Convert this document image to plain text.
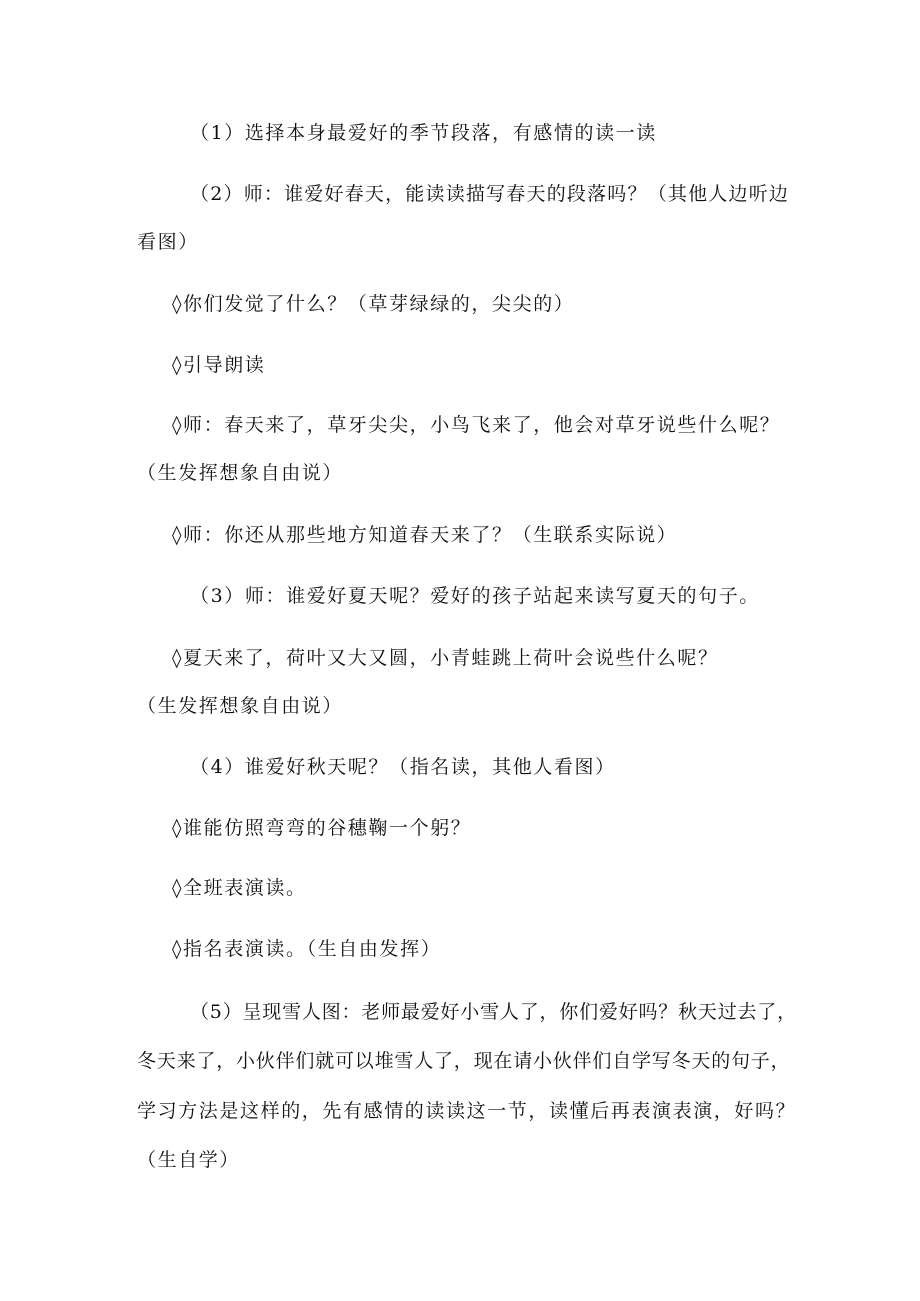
（1）选择本身最爱好的季节段落，有感情的读一读
（2）师：谁爱好春天，能读读描写春天的段落吗？（其他人边听边
看图）
◊你们发觉了什么？（草芽绿绿的，尖尖的）
◊引导朗读
◊师：春天来了，草牙尖尖，小鸟飞来了，他会对草牙说些什么呢？
（生发挥想象自由说）
◊师：你还从那些地方知道春天来了？（生联系实际说）
（3）师：谁爱好夏天呢？爱好的孩子站起来读写夏天的句子。
◊夏天来了，荷叶又大又圆，小青蛙跳上荷叶会说些什么呢？
（生发挥想象自由说）
（4）谁爱好秋天呢？（指名读，其他人看图）
◊谁能仿照弯弯的谷穗鞠一个躬？
◊全班表演读。
◊指名表演读。（生自由发挥）
（5）呈现雪人图：老师最爱好小雪人了，你们爱好吗？秋天过去了，
冬天来了，小伙伴们就可以堆雪人了，现在请小伙伴们自学写冬天的句子，
学习方法是这样的，先有感情的读读这一节，读懂后再表演表演，好吗？
（生自学）
